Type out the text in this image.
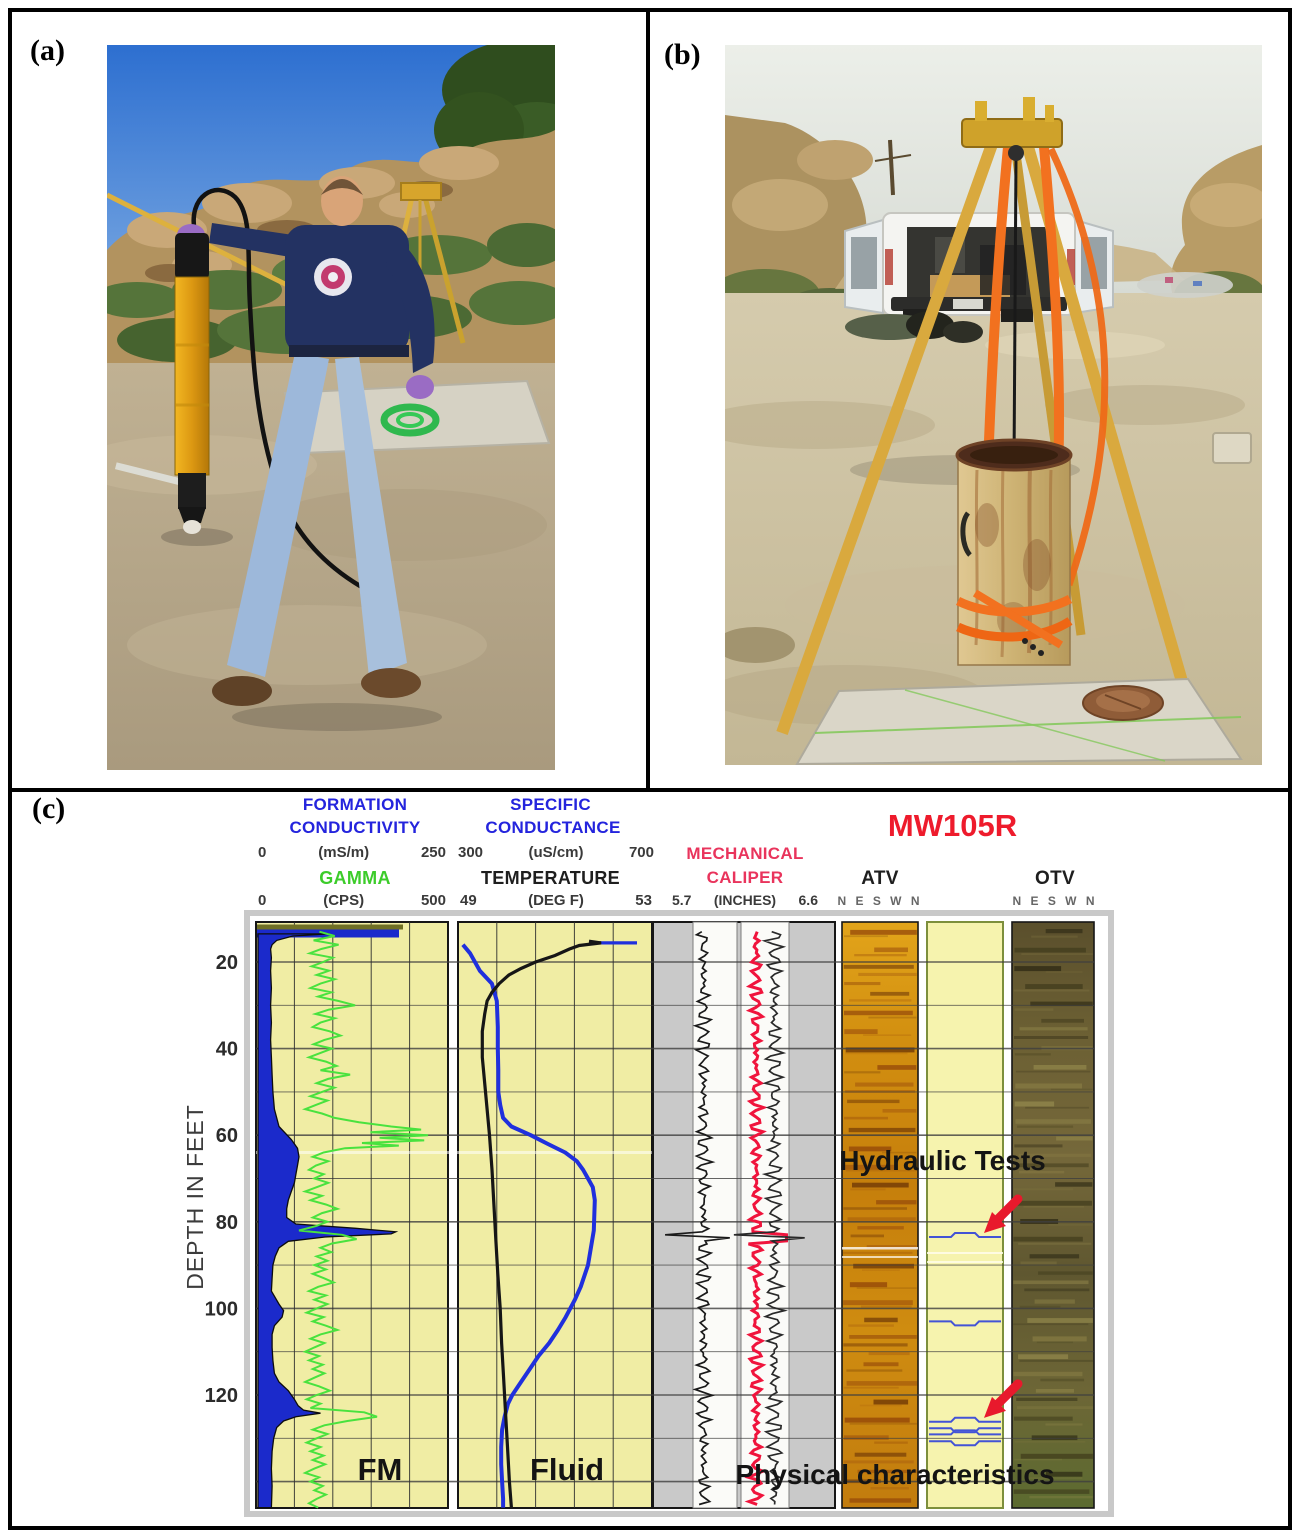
(a)	(b)
(c)
20
40
60
80
100
120
FORMATION
CONDUCTIVITY
0	(mS/m)	250
SPECIFIC
CONDUCTANCE
300	(uS/cm)	700
GAMMA
0	(CPS)	500
TEMPERATURE
49	(DEG F)	53
MECHANICAL
CALIPER
5.7 (INCHES) 6.6
ATV
N E S W N
OTV
N E S W N
MW105R
DEPTH IN FEET
FM	Fluid
Hydraulic Tests
Physical characteristics
